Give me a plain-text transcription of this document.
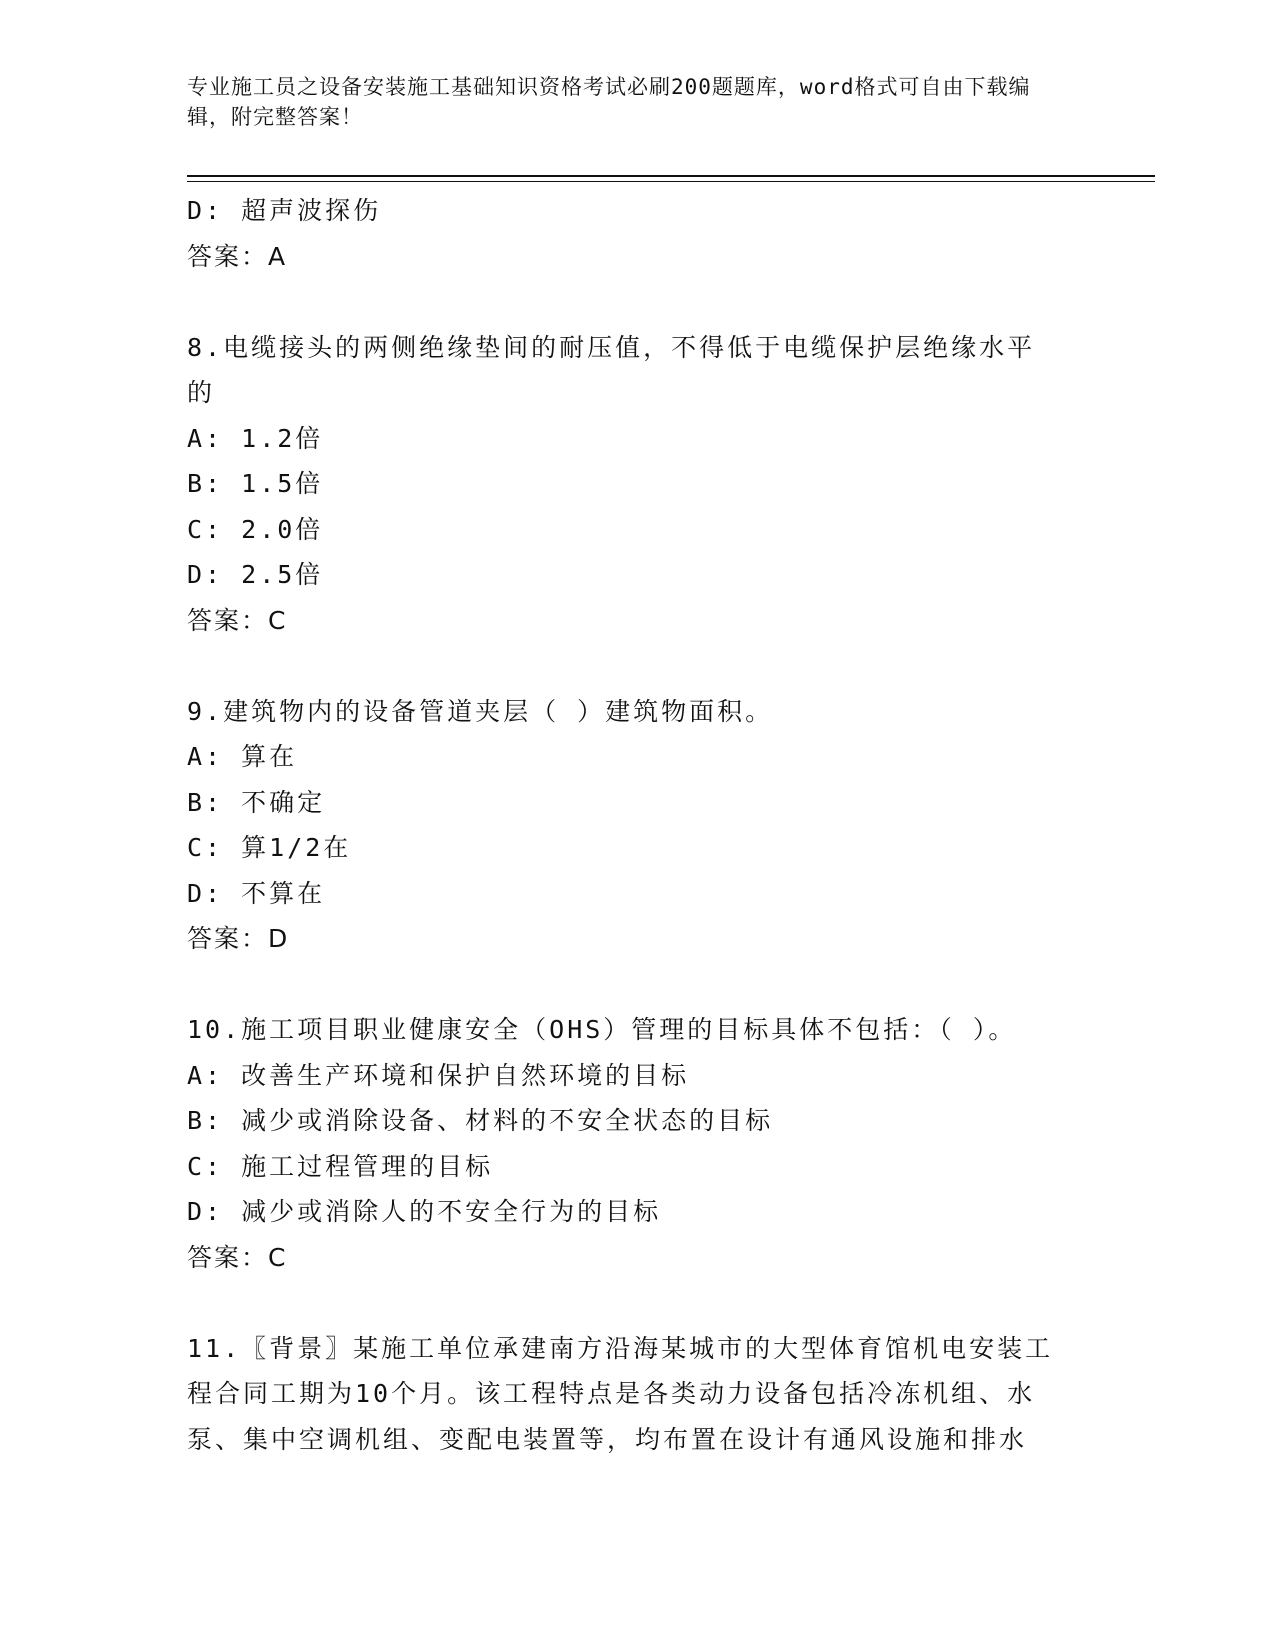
专业施工员之设备安装施工基础知识资格考试必刷200题题库，word格式可自由下载编辑，附完整答案！
D: 超声波探伤
答案：A
8.电缆接头的两侧绝缘垫间的耐压值，不得低于电缆保护层绝缘水平
的
A: 1.2倍
B: 1.5倍
C: 2.0倍
D: 2.5倍
答案：C
9.建筑物内的设备管道夹层（ ）建筑物面积。
A: 算在
B: 不确定
C: 算1/2在
D: 不算在
答案：D
10.施工项目职业健康安全（OHS）管理的目标具体不包括：（ ）。
A: 改善生产环境和保护自然环境的目标
B: 减少或消除设备、材料的不安全状态的目标
C: 施工过程管理的目标
D: 减少或消除人的不安全行为的目标
答案：C
11.〖背景〗某施工单位承建南方沿海某城市的大型体育馆机电安装工
程合同工期为10个月。该工程特点是各类动力设备包括冷冻机组、水
泵、集中空调机组、变配电装置等，均布置在设计有通风设施和排水
